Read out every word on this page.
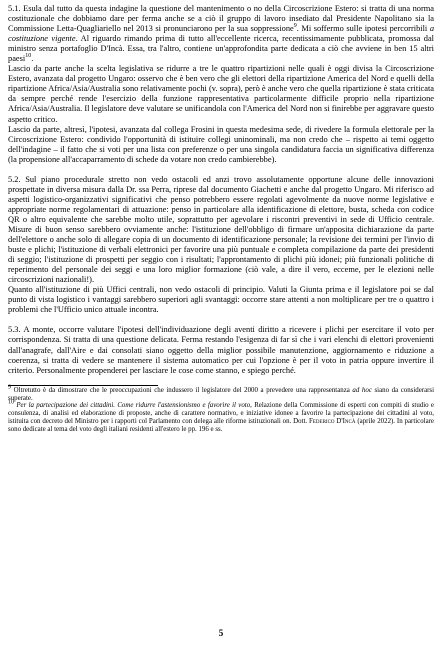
5.1. Esula dal tutto da questa indagine la questione del mantenimento o no della Circoscrizione Estero: si tratta di una norma costituzionale che dobbiamo dare per ferma anche se a ciò il gruppo di lavoro insediato dal Presidente Napolitano sia la Commissione Letta-Quagliariello nel 2013 si pronunciarono per la sua soppressione$^9$. Mi soffermo sulle ipotesi percorribili a costituzione vigente. Al riguardo rimando prima di tutto all'eccellente ricerca, recentissimamente pubblicata, promossa dal ministro senza portafoglio D'Incà. Essa, tra l'altro, contiene un'approfondita parte dedicata a ciò che avviene in ben 15 altri paesi$^{10}$.

Lascio da parte anche la scelta legislativa se ridurre a tre le quattro ripartizioni nelle quali è oggi divisa la Circoscrizione Estero, avanzata dal progetto Ungaro: osservo che è ben vero che gli elettori della ripartizione America del Nord e quelli della ripartizione Africa/Asia/Australia sono relativamente pochi (v. sopra), però è anche vero che quella ripartizione è stata criticata da sempre perché rende l'esercizio della funzione rappresentativa particolarmente difficile proprio nella ripartizione Africa/Asia/Australia. Il legislatore deve valutare se unificandola con l'America del Nord non si finirebbe per aggravare questo aspetto critico.

Lascio da parte, altresì, l'ipotesi, avanzata dal collega Frosini in questa medesima sede, di rivedere la formula elettorale per la Circoscrizione Estero: condivido l'opportunità di istituire collegi uninominali, ma non credo che – rispetto ai temi oggetto dell'indagine – il fatto che si voti per una lista con preferenze o per una singola candidatura faccia un significativa differenza (la propensione all'accaparramento di schede da votare non credo cambierebbe).

5.2. Sul piano procedurale stretto non vedo ostacoli ed anzi trovo assolutamente opportune alcune delle innovazioni prospettate in diversa misura dalla Dr. ssa Perra, riprese dal documento Giachetti e anche dal progetto Ungaro. Mi riferisco ad aspetti logistico-organizzativi significativi che penso potrebbero essere regolati agevolmente da nuove norme legislative e appropriate norme regolamentari di attuazione: penso in particolare alla identificazione di elettore, busta, scheda con codice QR o altro equivalente che sarebbe molto utile, soprattutto per agevolare i riscontri preventivi in sede di Ufficio centrale. Misure di buon senso sarebbero ovviamente anche: l'istituzione dell'obbligo di firmare un'apposita dichiarazione da parte dell'elettore o anche solo di allegare copia di un documento di identificazione personale; la revisione dei termini per l'invio di buste e plichi; l'istituzione di verbali elettronici per favorire una più puntuale e completa compilazione da parte dei presidenti di seggio; l'istituzione di prospetti per seggio con i risultati; l'approntamento di plichi più idonei; più funzionali politiche di reperimento del personale dei seggi e una loro miglior formazione (ciò vale, a dire il vero, ecceme, per le elezioni nelle circoscrizioni nazionali!).

Quanto all'istituzione di più Uffici centrali, non vedo ostacoli di principio. Valuti la Giunta prima e il legislatore poi se dal punto di vista logistico i vantaggi sarebbero superiori agli svantaggi: occorre stare attenti a non moltiplicare per tre o quattro i problemi che l'Ufficio unico attuale incontra.

5.3. A monte, occorre valutare l'ipotesi dell'individuazione degli aventi diritto a ricevere i plichi per esercitare il voto per corrispondenza. Si tratta di una questione delicata. Ferma restando l'esigenza di far sì che i vari elenchi di elettori provenienti dall'anagrafe, dall'Aire e dai consolati siano oggetto della miglior possibile manutenzione, aggiornamento e riduzione a coerenza, si tratta di vedere se mantenere il sistema automatico per cui l'opzione è per il voto in patria oppure invertire il criterio. Personalmente propenderei per lasciare le cose come stanno, e spiego perché.

$^9$ Oltretutto è da dimostrare che le preoccupazioni che indussero il legislatore del 2000 a prevedere una rappresentanza ad hoc siano da considerarsi superate.

$^{10}$ Per la partecipazione dei cittadini. Come ridurre l'astensionismo e favorire il voto, Relazione della Commissione di esperti con compiti di studio e consulenza, di analisi ed elaborazione di proposte, anche di carattere normativo, e iniziative idonee a favorire la partecipazione dei cittadini al voto, istituita con decreto del Ministro per i rapporti col Parlamento con delega alle riforme istituzionali on. Dott. Federico D'Incà (aprile 2022). In particolare sono dedicate al tema del voto degli italiani residenti all'estero le pp. 196 e ss.

5
